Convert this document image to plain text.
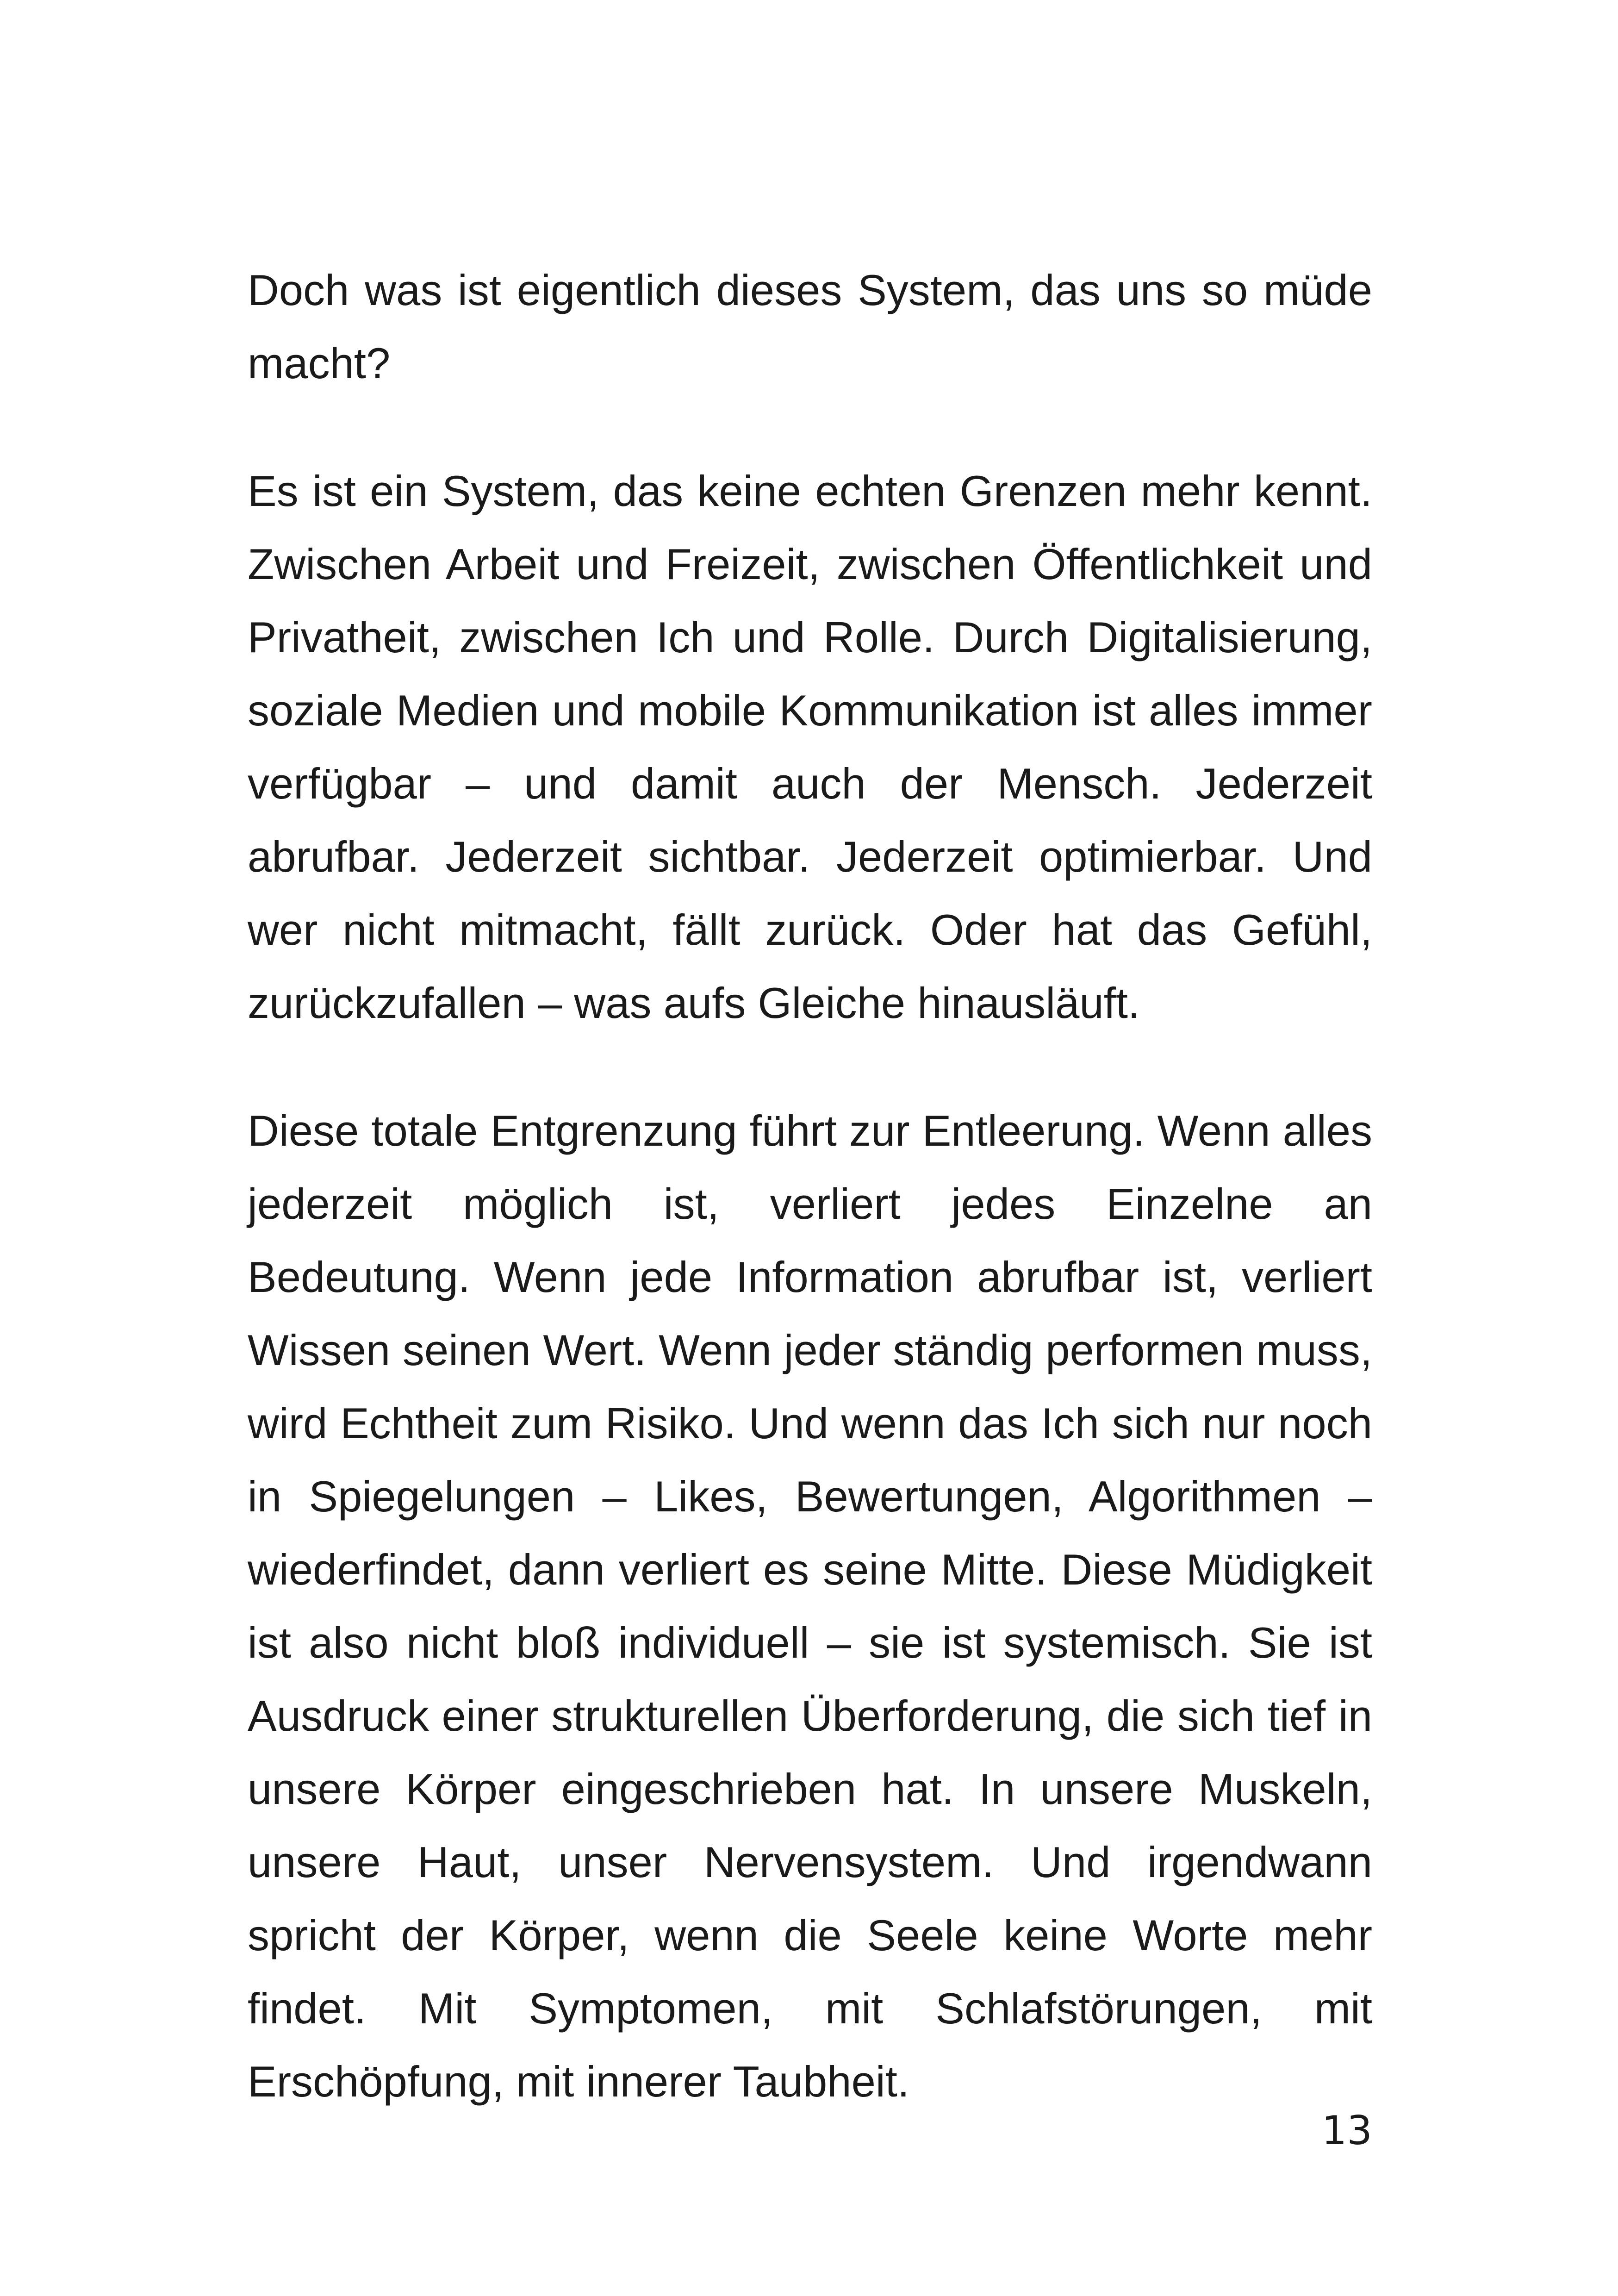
Doch was ist eigentlich dieses System, das uns so müde macht?

Es ist ein System, das keine echten Grenzen mehr kennt. Zwischen Arbeit und Freizeit, zwischen Öffentlichkeit und Privatheit, zwischen Ich und Rolle. Durch Digitalisierung, soziale Medien und mobile Kommunikation ist alles immer verfügbar – und damit auch der Mensch. Jederzeit abrufbar. Jederzeit sichtbar. Jederzeit optimierbar. Und wer nicht mitmacht, fällt zurück. Oder hat das Gefühl, zurückzufallen – was aufs Gleiche hinausläuft.

Diese totale Entgrenzung führt zur Entleerung. Wenn alles jederzeit möglich ist, verliert jedes Einzelne an Bedeutung. Wenn jede Information abrufbar ist, verliert Wissen seinen Wert. Wenn jeder ständig performen muss, wird Echtheit zum Risiko. Und wenn das Ich sich nur noch in Spiegelungen – Likes, Bewertungen, Algorithmen – wiederfindet, dann verliert es seine Mitte. Diese Müdigkeit ist also nicht bloß individuell – sie ist systemisch. Sie ist Ausdruck einer strukturellen Überforderung, die sich tief in unsere Körper eingeschrieben hat. In unsere Muskeln, unsere Haut, unser Nervensystem. Und irgendwann spricht der Körper, wenn die Seele keine Worte mehr findet. Mit Symptomen, mit Schlafstörungen, mit Erschöpfung, mit innerer Taubheit.

13
